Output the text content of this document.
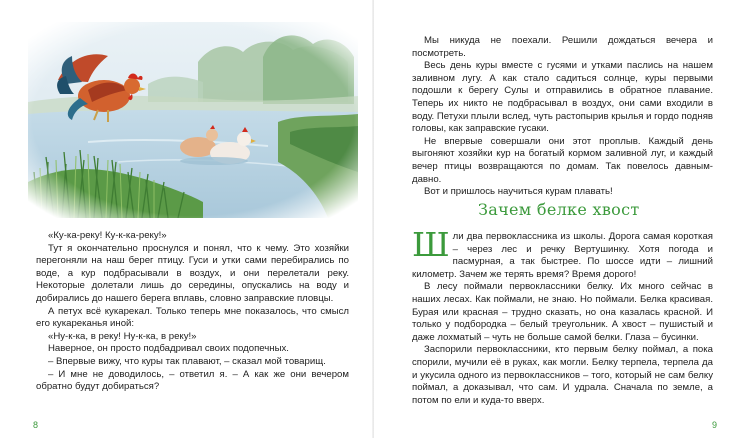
«Ку-ка-реку! Ку-к-ка-реку!»

Тут я окончательно проснулся и понял, что к чему. Это хозяйки перегоняли на наш берег птицу. Гуси и утки сами перебирались по воде, а кур подбрасывали в воздух, и они перелетали реку. Некоторые долетали лишь до середины, опускались на воду и добирались до нашего берега вплавь, словно заправские пловцы.

А петух всё кукарекал. Только теперь мне показалось, что смысл его кукареканья иной:

«Ну-к-ка, в реку! Ну-к-ка, в реку!»

Наверное, он просто подбадривал своих подопечных.

– Впервые вижу, что куры так плавают, – сказал мой товарищ.

– И мне не доводилось, – ответил я. – А как же они вечером обратно будут добираться?

8

Мы никуда не поехали. Решили дождаться вечера и посмотреть.

Весь день куры вместе с гусями и утками паслись на нашем заливном лугу. А как стало садиться солнце, куры первыми подошли к берегу Сулы и отправились в обратное плавание. Теперь их никто не подбрасывал в воздух, они сами входили в воду. Петухи плыли вслед, чуть растопырив крылья и гордо подняв головы, как заправские гусаки.

Не впервые совершали они этот проплыв. Каждый день выгоняют хозяйки кур на богатый кормом заливной луг, и каждый вечер птицы возвращаются по домам. Так повелось давным-давно.

Вот и пришлось научиться курам плавать!

Зачем белке хвост

Шли два первоклассника из школы. Дорога самая короткая – через лес и речку Вертушинку. Хотя погода и пасмурная, а так быстрее. По шоссе идти – лишний километр. Зачем же терять время? Время дорого!

В лесу поймали первоклассники белку. Их много сейчас в наших лесах. Как поймали, не знаю. Но поймали. Белка красивая. Бурая или красная – трудно сказать, но она казалась красной. И только у подбородка – белый треугольник. А хвост – пушистый и даже лохматый – чуть не больше самой белки. Глаза – бусинки.

Заспорили первоклассники, кто первым белку поймал, а пока спорили, мучили её в руках, как могли. Белку терпела, терпела да и укусила одного из первоклассников – того, который не сам белку поймал, а доказывал, что сам. И удрала. Сначала по земле, а потом по ели и куда-то вверх.

9
